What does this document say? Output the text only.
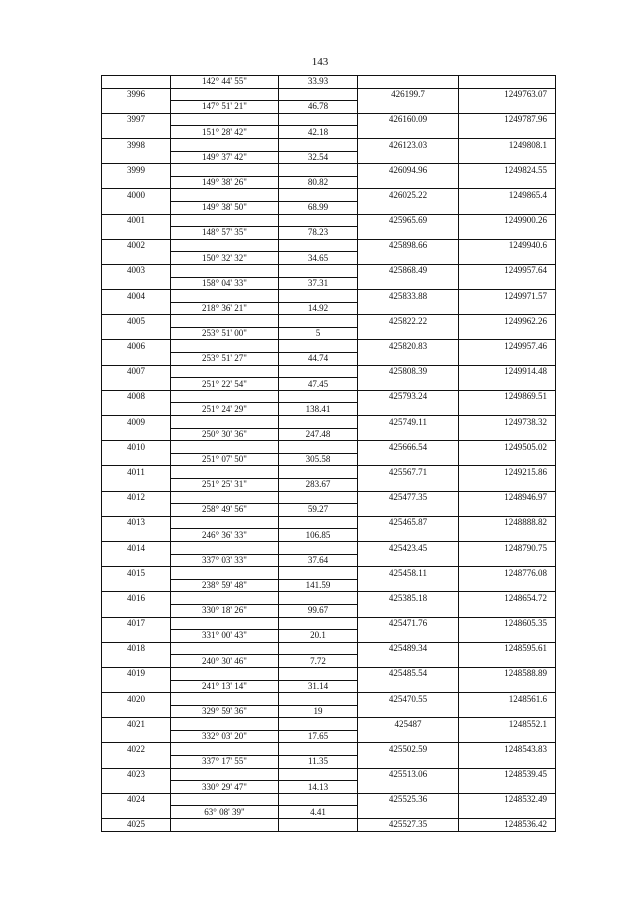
143
	142° 44' 55"	33.93		
3996			426199.7	1249763.07
	147° 51' 21"	46.78		
3997			426160.09	1249787.96
	151° 28' 42"	42.18		
3998			426123.03	1249808.1
	149° 37' 42"	32.54		
3999			426094.96	1249824.55
	149° 38' 26"	80.82		
4000			426025.22	1249865.4
	149° 38' 50"	68.99		
4001			425965.69	1249900.26
	148° 57' 35"	78.23		
4002			425898.66	1249940.6
	150° 32' 32"	34.65		
4003			425868.49	1249957.64
	158° 04' 33"	37.31		
4004			425833.88	1249971.57
	218° 36' 21"	14.92		
4005			425822.22	1249962.26
	253° 51' 00"	5		
4006			425820.83	1249957.46
	253° 51' 27"	44.74		
4007			425808.39	1249914.48
	251° 22' 54"	47.45		
4008			425793.24	1249869.51
	251° 24' 29"	138.41		
4009			425749.11	1249738.32
	250° 30' 36"	247.48		
4010			425666.54	1249505.02
	251° 07' 50"	305.58		
4011			425567.71	1249215.86
	251° 25' 31"	283.67		
4012			425477.35	1248946.97
	258° 49' 56"	59.27		
4013			425465.87	1248888.82
	246° 36' 33"	106.85		
4014			425423.45	1248790.75
	337° 03' 33"	37.64		
4015			425458.11	1248776.08
	238° 59' 48"	141.59		
4016			425385.18	1248654.72
	330° 18' 26"	99.67		
4017			425471.76	1248605.35
	331° 00' 43"	20.1		
4018			425489.34	1248595.61
	240° 30' 46"	7.72		
4019			425485.54	1248588.89
	241° 13' 14"	31.14		
4020			425470.55	1248561.6
	329° 59' 36"	19		
4021			425487	1248552.1
	332° 03' 20"	17.65		
4022			425502.59	1248543.83
	337° 17' 55"	11.35		
4023			425513.06	1248539.45
	330° 29' 47"	14.13		
4024			425525.36	1248532.49
	63° 08' 39"	4.41		
4025			425527.35	1248536.42
